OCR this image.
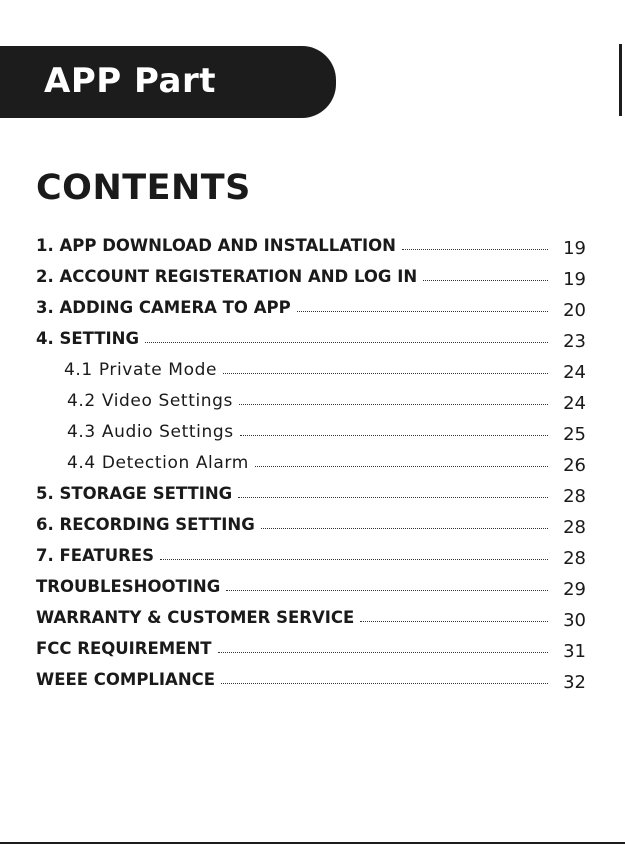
APP Part
CONTENTS
1. APP DOWNLOAD AND INSTALLATION	19
2. ACCOUNT REGISTERATION AND LOG IN	19
3. ADDING CAMERA TO APP	20
4. SETTING	23
4.1 Private Mode	24
4.2 Video Settings	24
4.3 Audio Settings	25
4.4 Detection Alarm	26
5. STORAGE SETTING	28
6. RECORDING SETTING	28
7. FEATURES	28
TROUBLESHOOTING	29
WARRANTY & CUSTOMER SERVICE	30
FCC REQUIREMENT	31
WEEE COMPLIANCE	32
